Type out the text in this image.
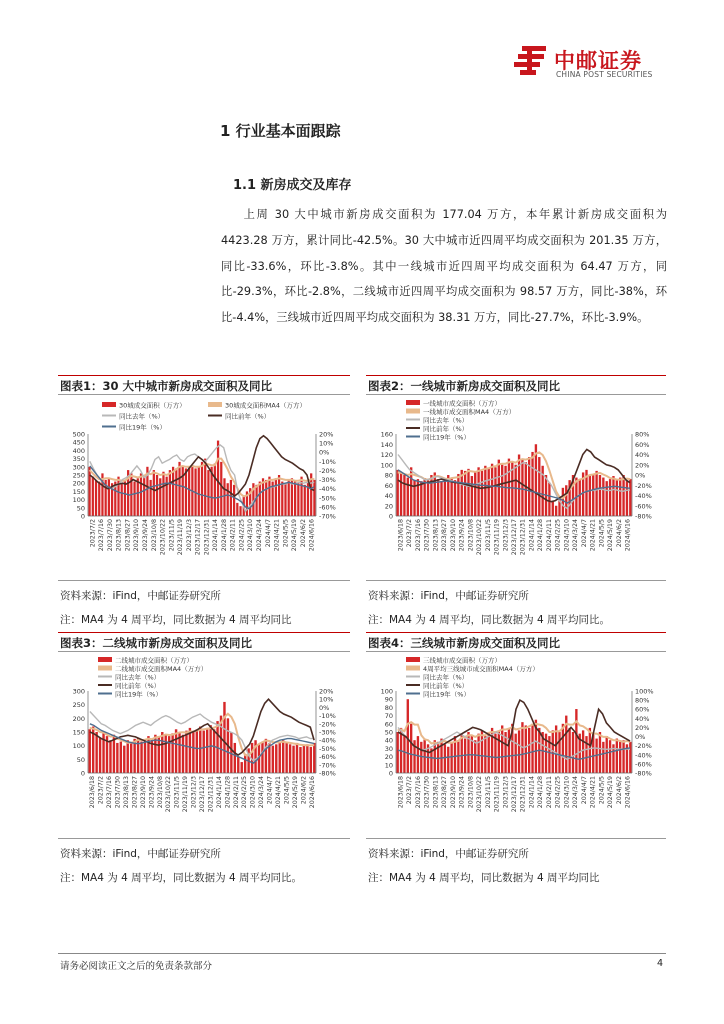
中邮证券
CHINA POST SECURITIES
1 行业基本面跟踪
1.1 新房成交及库存

上周 30 大中城市新房成交面积为 177.04 万方，本年累计新房成交面积为 4423.28 万方，累计同比-42.5%。30 大中城市近四周平均成交面积为 201.35 万方，同比-33.6%，环比-3.8%。其中一线城市近四周平均成交面积为 64.47 万方，同比-29.3%，环比-2.8%，二线城市近四周平均成交面积为 98.57 万方，同比-38%，环比-4.4%，三线城市近四周平均成交面积为 38.31 万方，同比-27.7%，环比-3.9%。

图表1：30 大中城市新房成交面积及同比	图表2：一线城市新房成交面积及同比
30城成交面积（万方）	30城成交面积MA4（万方）
同比去年（%）	同比前年（%）
同比19年（%）
500
450
400
350
300
250
200
150
100
50
0
20%
10%
0%
-10%
-20%
-30%
-40%
-50%
-60%
-70%
2023/7/2 2023/7/16 2023/7/30 2023/8/13 2023/8/27 2023/9/10 2023/9/24 2023/10/8 2023/10/22 2023/11/5 2023/11/19 2023/12/3 2023/12/17 2023/12/31 2024/1/14 2024/1/28 2024/2/11 2024/2/25 2024/3/10 2024/3/24 2024/4/7 2024/4/21 2024/5/5 2024/5/19 2024/6/2 2024/6/16
一线城市成交面积（万方）
一线城市成交面积MA4（万方）
同比去年（%）
同比前年（%）
同比19年（%）
160
140
120
100
80
60
40
20
0
80%
60%
40%
20%
0%
-20%
-40%
-60%
-80%
2023/6/18 2023/7/2 2023/7/16 2023/7/30 2023/8/13 2023/8/27 2023/9/10 2023/9/24 2023/10/8 2023/10/22 2023/11/5 2023/11/19 2023/12/3 2023/12/17 2023/12/31 2024/1/14 2024/1/28 2024/2/11 2024/2/25 2024/3/10 2024/3/24 2024/4/7 2024/4/21 2024/5/5 2024/5/19 2024/6/2 2024/6/16
资料来源：iFind，中邮证券研究所
注：MA4 为 4 周平均，同比数据为 4 周平均同比
资料来源：iFind，中邮证券研究所
注：MA4 为 4 周平均，同比数据为 4 周平均同比。
图表3：二线城市新房成交面积及同比	图表4：三线城市新房成交面积及同比
二线城市成交面积（万方）
二线城市成交面积MA4（万方）
同比去年（%）
同比前年（%）
同比19年（%）
300
250
200
150
100
50
0
20%
10%
0%
-10%
-20%
-30%
-40%
-50%
-60%
-70%
-80%
2023/6/18 2023/7/2 2023/7/16 2023/7/30 2023/8/13 2023/8/27 2023/9/10 2023/9/24 2023/10/8 2023/10/22 2023/11/5 2023/11/19 2023/12/3 2023/12/17 2023/12/31 2024/1/14 2024/1/28 2024/2/11 2024/2/25 2024/3/10 2024/3/24 2024/4/7 2024/4/21 2024/5/5 2024/5/19 2024/6/2 2024/6/16
三线城市成交面积（万方）
4周平均三线城市成交面积MA4（万方）
同比去年（%）
同比前年（%）
同比19年（%）
100
90
80
70
60
50
40
30
20
10
0
100%
80%
60%
40%
20%
0%
-20%
-40%
-60%
-80%
2023/6/18 2023/7/2 2023/7/16 2023/7/30 2023/8/13 2023/8/27 2023/9/10 2023/9/24 2023/10/8 2023/10/22 2023/11/5 2023/11/19 2023/12/3 2023/12/17 2023/12/31 2024/1/14 2024/1/28 2024/2/11 2024/2/25 2024/3/10 2024/3/24 2024/4/7 2024/4/21 2024/5/5 2024/5/19 2024/6/2 2024/6/16
资料来源：iFind，中邮证券研究所
注：MA4 为 4 周平均，同比数据为 4 周平均同比。
资料来源：iFind，中邮证券研究所
注：MA4 为 4 周平均，同比数据为 4 周平均同比
请务必阅读正文之后的免责条款部分	4
